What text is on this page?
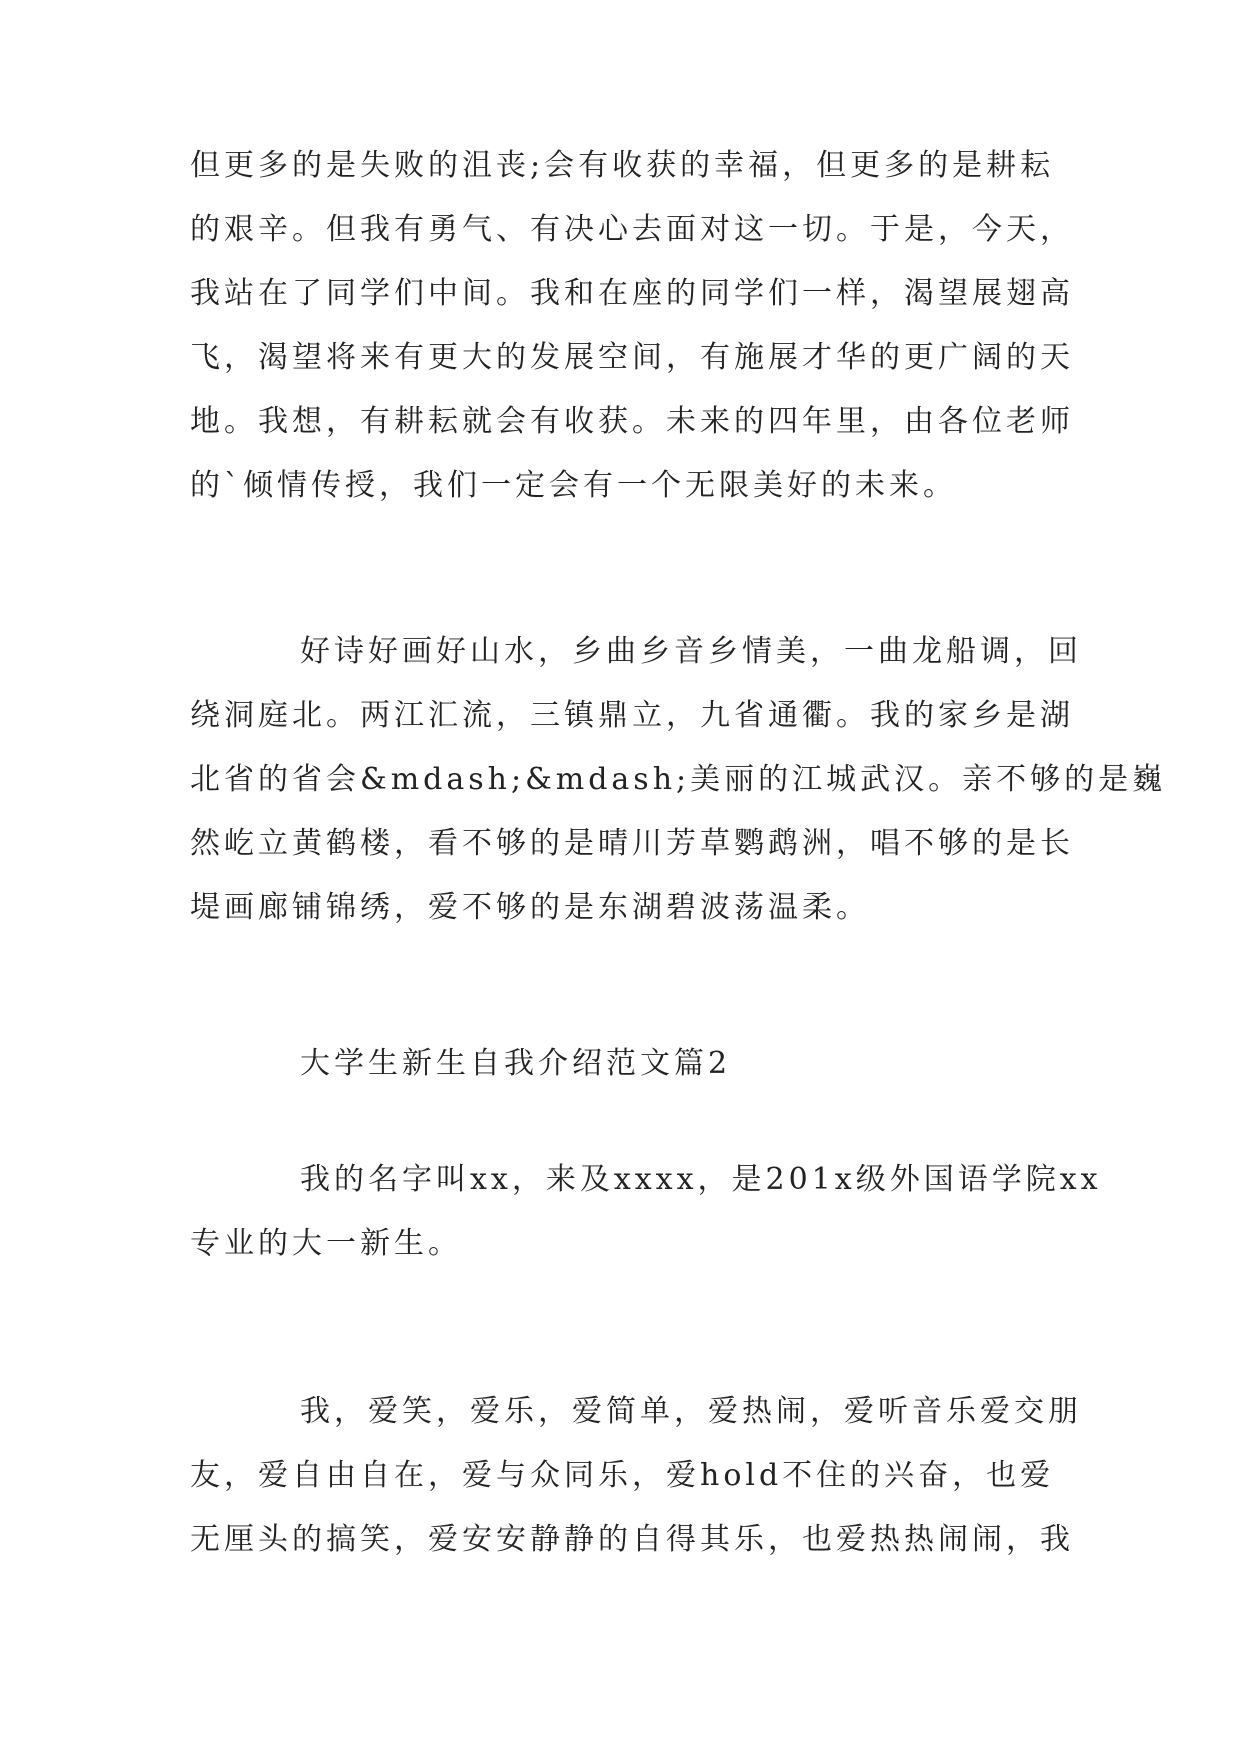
但更多的是失败的沮丧;会有收获的幸福，但更多的是耕耘
的艰辛。但我有勇气、有决心去面对这一切。于是，今天，
我站在了同学们中间。我和在座的同学们一样，渴望展翅高
飞，渴望将来有更大的发展空间，有施展才华的更广阔的天
地。我想，有耕耘就会有收获。未来的四年里，由各位老师
的`倾情传授，我们一定会有一个无限美好的未来。
好诗好画好山水，乡曲乡音乡情美，一曲龙船调，回
绕洞庭北。两江汇流，三镇鼎立，九省通衢。我的家乡是湖
北省的省会&mdash;&mdash;美丽的江城武汉。亲不够的是巍
然屹立黄鹤楼，看不够的是晴川芳草鹦鹉洲，唱不够的是长
堤画廊铺锦绣，爱不够的是东湖碧波荡温柔。
大学生新生自我介绍范文篇2
我的名字叫xx，来及xxxx，是201x级外国语学院xx
专业的大一新生。
我，爱笑，爱乐，爱简单，爱热闹，爱听音乐爱交朋
友，爱自由自在，爱与众同乐，爱hold不住的兴奋，也爱
无厘头的搞笑，爱安安静静的自得其乐，也爱热热闹闹，我
